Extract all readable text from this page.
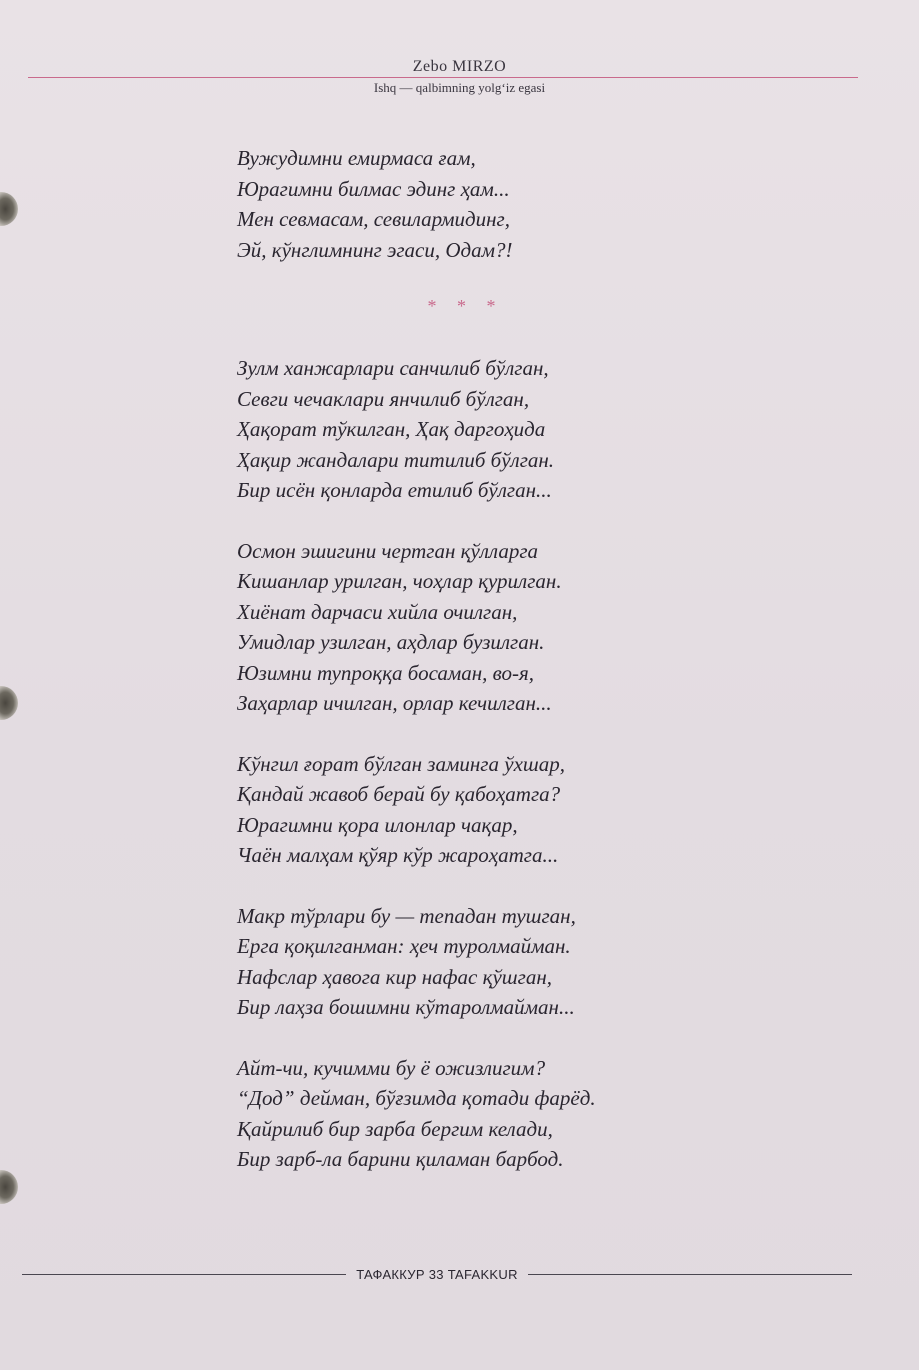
Zebo MIRZO
Ishq — qalbimning yolg‘iz egasi
Вужудимни емирмаса ғам,
Юрагимни билмас эдинг ҳам...
Мен севмасам, севилармидинг,
Эй, кўнглимнинг эгаси, Одам?!
Зулм ханжарлари санчилиб бўлган,
Севги чечаклари янчилиб бўлган,
Ҳақорат тўкилган, Ҳақ даргоҳида
Ҳақир жандалари титилиб бўлган.
Бир исён қонларда етилиб бўлган...
Осмон эшигини чертган қўлларга
Кишанлар урилган, чоҳлар қурилган.
Хиёнат дарчаси хийла очилган,
Умидлар узилган, аҳдлар бузилган.
Юзимни тупроққа босаман, во-я,
Заҳарлар ичилган, орлар кечилган...
Кўнгил ғорат бўлган заминга ўхшар,
Қандай жавоб берай бу қабоҳатга?
Юрагимни қора илонлар чақар,
Чаён малҳам қўяр кўр жароҳатга...
Макр тўрлари бу — тепадан тушган,
Ерга қоқилганман: ҳеч туролмайман.
Нафслар ҳавога кир нафас қўшган,
Бир лаҳза бошимни кўтаролмайман...
Айт-чи, кучимми бу ё ожизлигим?
“Дод” дейман, бўғзимда қотади фарёд.
Қайрилиб бир зарба бергим келади,
Бир зарб-ла барини қиламан барбод.
* * *
ТАФАККУР 33 TAFAKKUR
